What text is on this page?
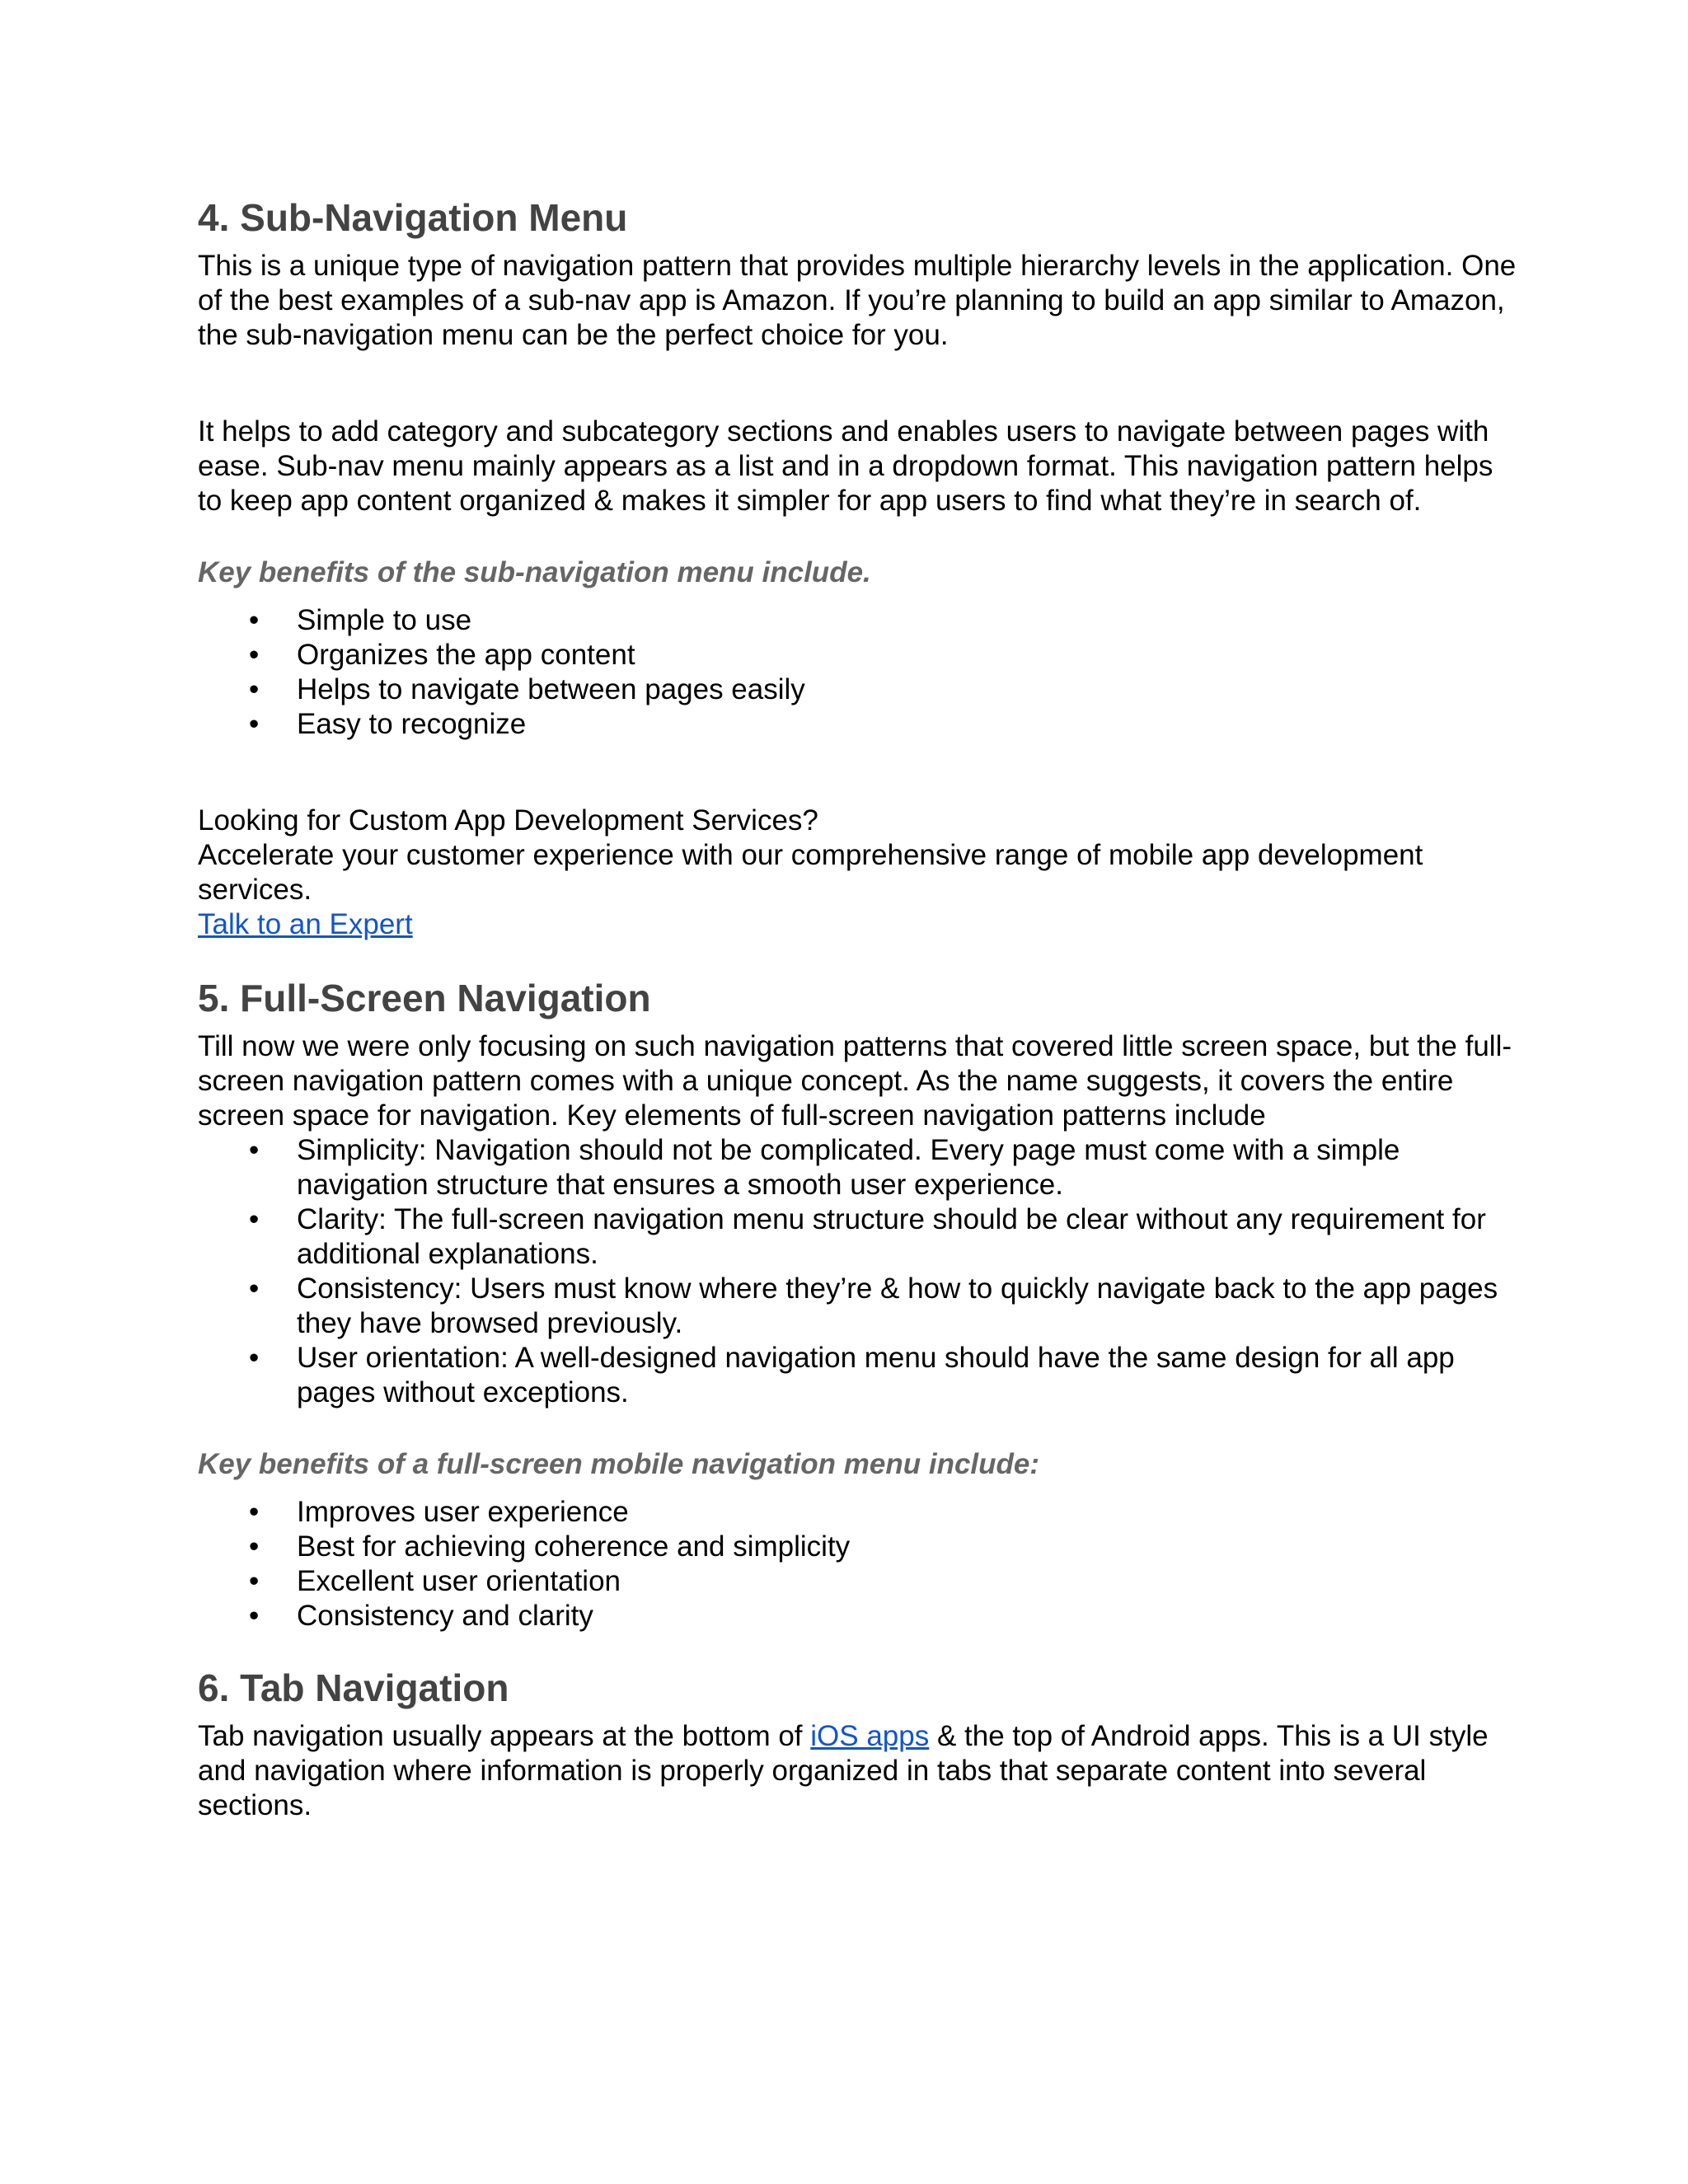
4. Sub-Navigation Menu

This is a unique type of navigation pattern that provides multiple hierarchy levels in the application. One of the best examples of a sub-nav app is Amazon. If you’re planning to build an app similar to Amazon, the sub-navigation menu can be the perfect choice for you.

It helps to add category and subcategory sections and enables users to navigate between pages with ease. Sub-nav menu mainly appears as a list and in a dropdown format. This navigation pattern helps to keep app content organized & makes it simpler for app users to find what they’re in search of.

Key benefits of the sub-navigation menu include.
• Simple to use
• Organizes the app content
• Helps to navigate between pages easily
• Easy to recognize

Looking for Custom App Development Services?

Accelerate your customer experience with our comprehensive range of mobile app development services.

Talk to an Expert

5. Full-Screen Navigation

Till now we were only focusing on such navigation patterns that covered little screen space, but the full-screen navigation pattern comes with a unique concept. As the name suggests, it covers the entire screen space for navigation. Key elements of full-screen navigation patterns include

• Simplicity: Navigation should not be complicated. Every page must come with a simple navigation structure that ensures a smooth user experience.
• Clarity: The full-screen navigation menu structure should be clear without any requirement for additional explanations.
• Consistency: Users must know where they’re & how to quickly navigate back to the app pages they have browsed previously.
• User orientation: A well-designed navigation menu should have the same design for all app pages without exceptions.
Key benefits of a full-screen mobile navigation menu include:
• Improves user experience
• Best for achieving coherence and simplicity
• Excellent user orientation
• Consistency and clarity
6. Tab Navigation

Tab navigation usually appears at the bottom of iOS apps & the top of Android apps. This is a UI style and navigation where information is properly organized in tabs that separate content into several sections.
